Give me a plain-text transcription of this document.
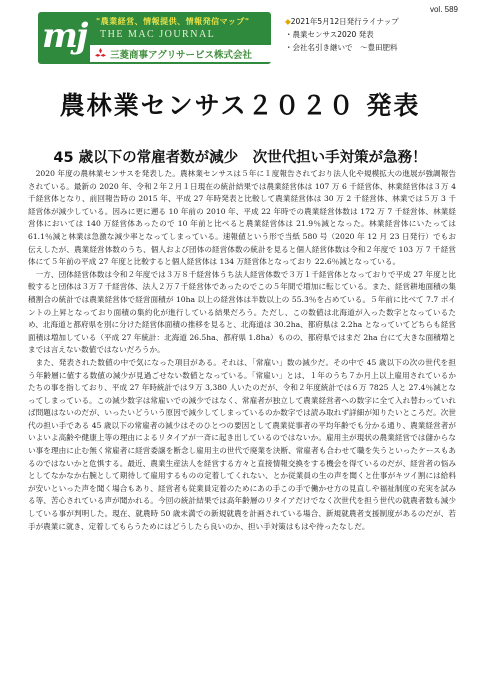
vol. 589
mj	"農業経営、情報提供、情報発信マップ"
THE MAC JOURNAL
三菱商事アグリサービス株式会社
◆2021年5月12日発行ライナップ
・農業センサス2020 発表
・会社名引き継いで　～豊田肥料
農林業センサス２０２０ 発表
45 歳以下の常雇者数が減少　次世代担い手対策が急務！

2020 年度の農林業センサスを発表した。農林業センサスは５年に１度報告されており法人化や規模拡大の進展が強調報告されている。最新の 2020 年、令和２年２月１日現在の統計結果では農業経営体は 107 万 6 千経営体、林業経営体は３万 4 千経営体となり、前回報告時の 2015 年、平成 27 年時発表と比較して農業経営体は 30 万 2 千経営体、林業では５万 3 千経営体が減少している。因みに更に遡る 10 年前の 2010 年、平成 22 年時での農業経営体数は 172 万 7 千経営体、林業経営体においては 140 万経営体あったので 10 年前と比べると農業経営体は 21.9％減となった。林業経営体にいたっては 61.1％減と林業は急激な減少率となってしまっている。速報値という形で当紙 580 号（2020 年 12 月 23 日発行）でもお伝えしたが、農業経営体数のうち、個人および団体の経営体数の統計を見ると個人経営体数は令和２年度で 103 万 7 千経営体にて５年前の平成 27 年度と比較すると個人経営体は 134 万経営体となっており 22.6％減となっている。

一方、団体経営体数は令和２年度では３万８千経営体うち法人経営体数で３万１千経営体となっておりで平成 27 年度と比較すると団体は３万７千経営体、法人２万７千経営体であったのでこの５年間で増加に転じている。また、経営耕地面積の集積割合の統計では農業経営体で経営面積が 10ha 以上の経営体は半数以上の 55.3％を占めている。５年前に比べて 7.7 ポイントの上昇となっており面積の集約化が進行している結果だろう。ただし、この数値は北海道が入った数字となっているため、北海道と都府県を別に分けた経営体面積の推移を見ると、北海道は 30.2ha、都府県は 2.2ha となっていてどちらも経営面積は増加している（平成 27 年統計：北海道 26.5ha、都府県 1.8ha）ものの、都府県ではまだ 2ha 台にて大きな面積増とまでは言えない数値ではないだろうか。

また、発表された数値の中で気になった項目がある。それは、「常雇い」数の減少だ。その中で 45 歳以下の次の世代を担う年齢層に値する数値の減少が見過ごせない数値となっている。「常雇い」とは、１年のうち７か月上以上雇用されているかたちの事を指しており、平成 27 年時統計では９万 3,380 人いたのだが、令和２年度統計では６万 7825 人と 27.4％減となってしまっている。この減少数字は常雇いでの減少ではなく、常雇者が独立して農業経営者への数字に全て入れ替わっていれば問題はないのだが、いったいどういう原因で減少してしまっているのか数字では読み取れず詳細が知りたいところだ。次世代の担い手である 45 歳以下の常雇者の減少はそのひとつの要因として農業従事者の平均年齢でも分かる通り、農業経営者がいよいよ高齢や健康上等の理由によるリタイアが一斉に起き出しているのではないか。雇用主が現状の農業経営では儲からない事を理由に止む無く常雇者に経営委譲を断念し雇用主の世代で廃業を決断、常雇者も合わせて職を失うといったケースもあるのではないかと危惧する。最近、農業生産法人を経営する方々と直接情報交換をする機会を得ているのだが、経営者の悩みとしてなかなか右腕として期待して雇用するものの定着してくれない、とか従業員の生の声を聞くと仕事がキツイ割には給料が安いといった声を聞く場合もあり、経営者も従業員定着のためにあの手この手で働かせ方の見直しや福祉制度の充実を試みる等、苦心されている声が聞かれる。今回の統計結果では高年齢層のリタイアだけでなく次世代を担う世代の就農者数も減少している事が判明した。現在、就農時 50 歳未満での新規就農を計画されている場合、新規就農者支援制度があるのだが、若手が農業に就き、定着してもらうためにはどうしたら良いのか、担い手対策はもはや待ったなしだ。
